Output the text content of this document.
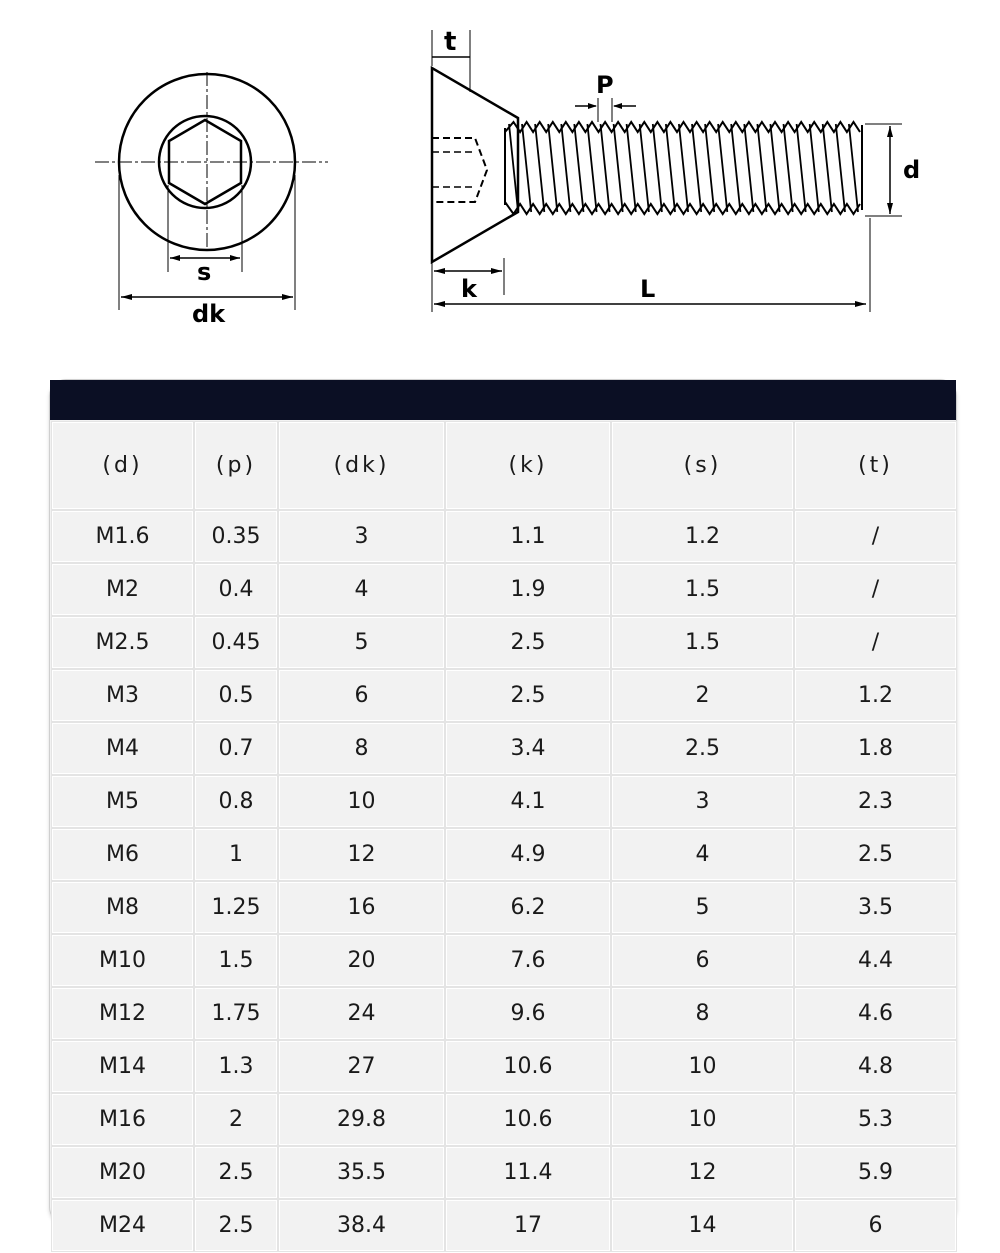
t
P
d
s
dk
k	L
(d)	(p)	(dk)	(k)	(s)	(t)
M1.6	0.35	3	1.1	1.2	/
M2	0.4	4	1.9	1.5	/
M2.5	0.45	5	2.5	1.5	/
M3	0.5	6	2.5	2	1.2
M4	0.7	8	3.4	2.5	1.8
M5	0.8	10	4.1	3	2.3
M6	1	12	4.9	4	2.5
M8	1.25	16	6.2	5	3.5
M10	1.5	20	7.6	6	4.4
M12	1.75	24	9.6	8	4.6
M14	1.3	27	10.6	10	4.8
M16	2	29.8	10.6	10	5.3
M20	2.5	35.5	11.4	12	5.9
M24	2.5	38.4	17	14	6
